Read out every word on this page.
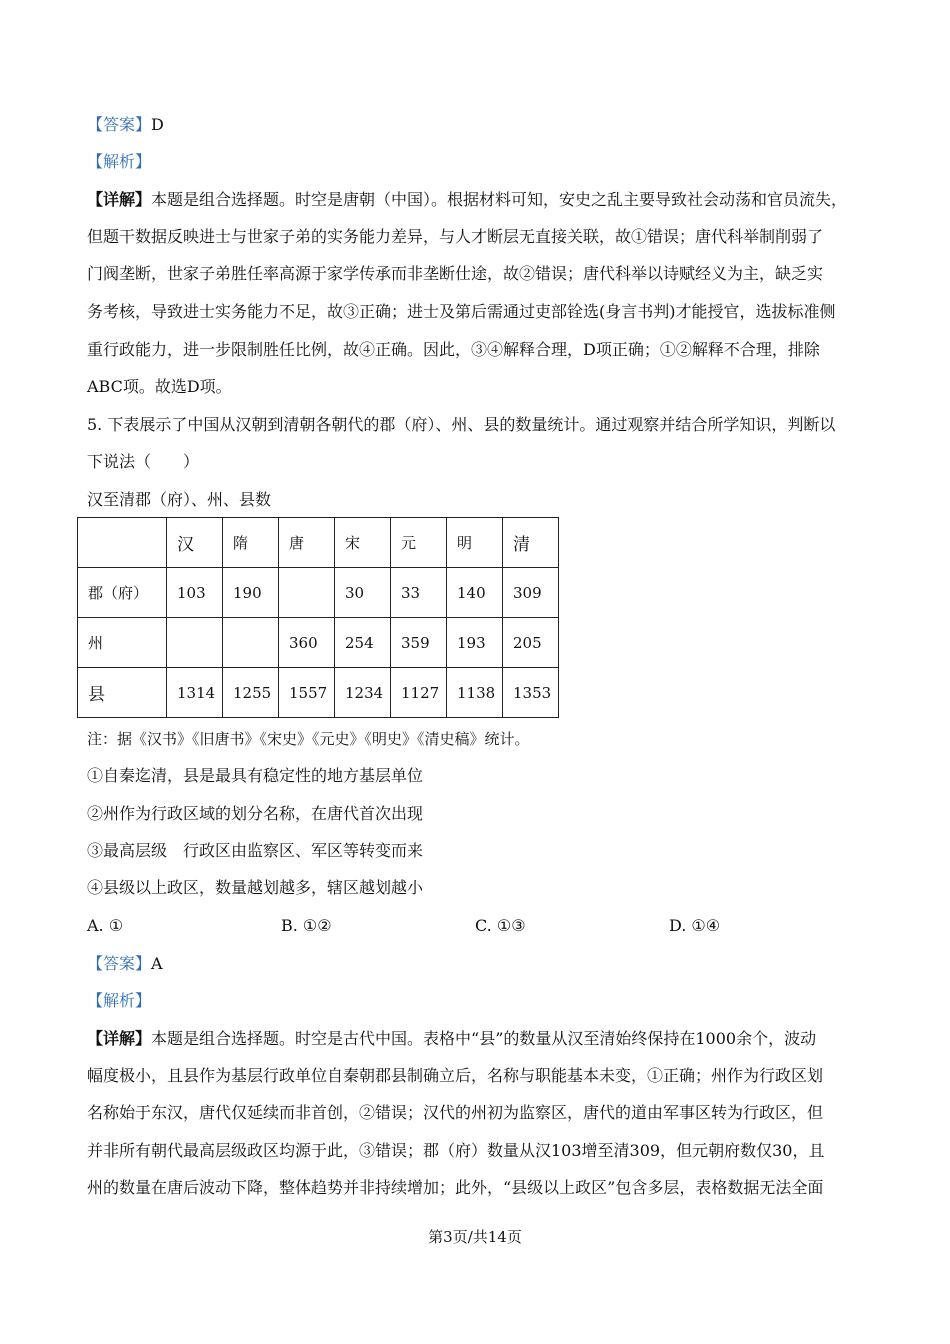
【答案】D
【解析】
【详解】本题是组合选择题。时空是唐朝（中国）。根据材料可知，安史之乱主要导致社会动荡和官员流失，
但题干数据反映进士与世家子弟的实务能力差异，与人才断层无直接关联，故①错误；唐代科举制削弱了
门阀垄断，世家子弟胜任率高源于家学传承而非垄断仕途，故②错误；唐代科举以诗赋经义为主，缺乏实
务考核，导致进士实务能力不足，故③正确；进士及第后需通过吏部铨选(身言书判)才能授官，选拔标准侧
重行政能力，进一步限制胜任比例，故④正确。因此，③④解释合理，D项正确；①②解释不合理，排除
ABC项。故选D项。
5. 下表展示了中国从汉朝到清朝各朝代的郡（府）、州、县的数量统计。通过观察并结合所学知识，判断以
下说法（　　）
汉至清郡（府）、州、县数
	汉	隋	唐	宋	元	明	清
郡（府）	103	190		30	33	140	309
州			360	254	359	193	205
县	1314	1255	1557	1234	1127	1138	1353
注：据《汉书》《旧唐书》《宋史》《元史》《明史》《清史稿》统计。
①自秦迄清，县是最具有稳定性的地方基层单位
②州作为行政区域的划分名称，在唐代首次出现
③最高层级　行政区由监察区、军区等转变而来
④县级以上政区，数量越划越多，辖区越划越小
A. ①	B. ①②	C. ①③	D. ①④
【答案】A
【解析】
【详解】本题是组合选择题。时空是古代中国。表格中“县”的数量从汉至清始终保持在1000余个，波动
幅度极小，且县作为基层行政单位自秦朝郡县制确立后，名称与职能基本未变，①正确；州作为行政区划
名称始于东汉，唐代仅延续而非首创，②错误；汉代的州初为监察区，唐代的道由军事区转为行政区，但
并非所有朝代最高层级政区均源于此，③错误；郡（府）数量从汉103增至清309，但元朝府数仅30，且
州的数量在唐后波动下降，整体趋势并非持续增加；此外，“县级以上政区”包含多层，表格数据无法全面
第3页/共14页
